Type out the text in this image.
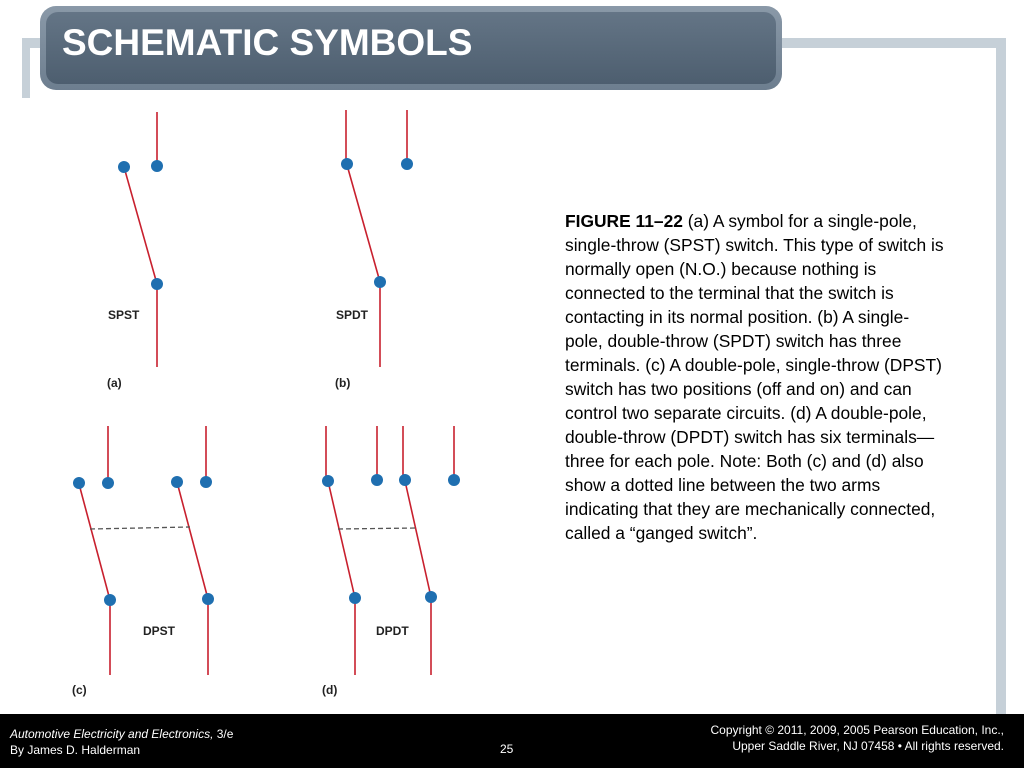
SCHEMATIC SYMBOLS
SPST
(a)
SPDT
(b)
DPST
(c)
DPDT
(d)
FIGURE 11–22 (a) A symbol for a single-pole, single-throw (SPST) switch. This type of switch is normally open (N.O.) because nothing is connected to the terminal that the switch is contacting in its normal position. (b) A single-pole, double-throw (SPDT) switch has three terminals. (c) A double-pole, single-throw (DPST) switch has two positions (off and on) and can control two separate circuits. (d) A double-pole, double-throw (DPDT) switch has six terminals—three for each pole. Note: Both (c) and (d) also show a dotted line between the two arms indicating that they are mechanically connected, called a “ganged switch”.
Automotive Electricity and Electronics, 3/e
By James D. Halderman	25
Copyright © 2011, 2009, 2005 Pearson Education, Inc.,
Upper Saddle River, NJ 07458 • All rights reserved.
